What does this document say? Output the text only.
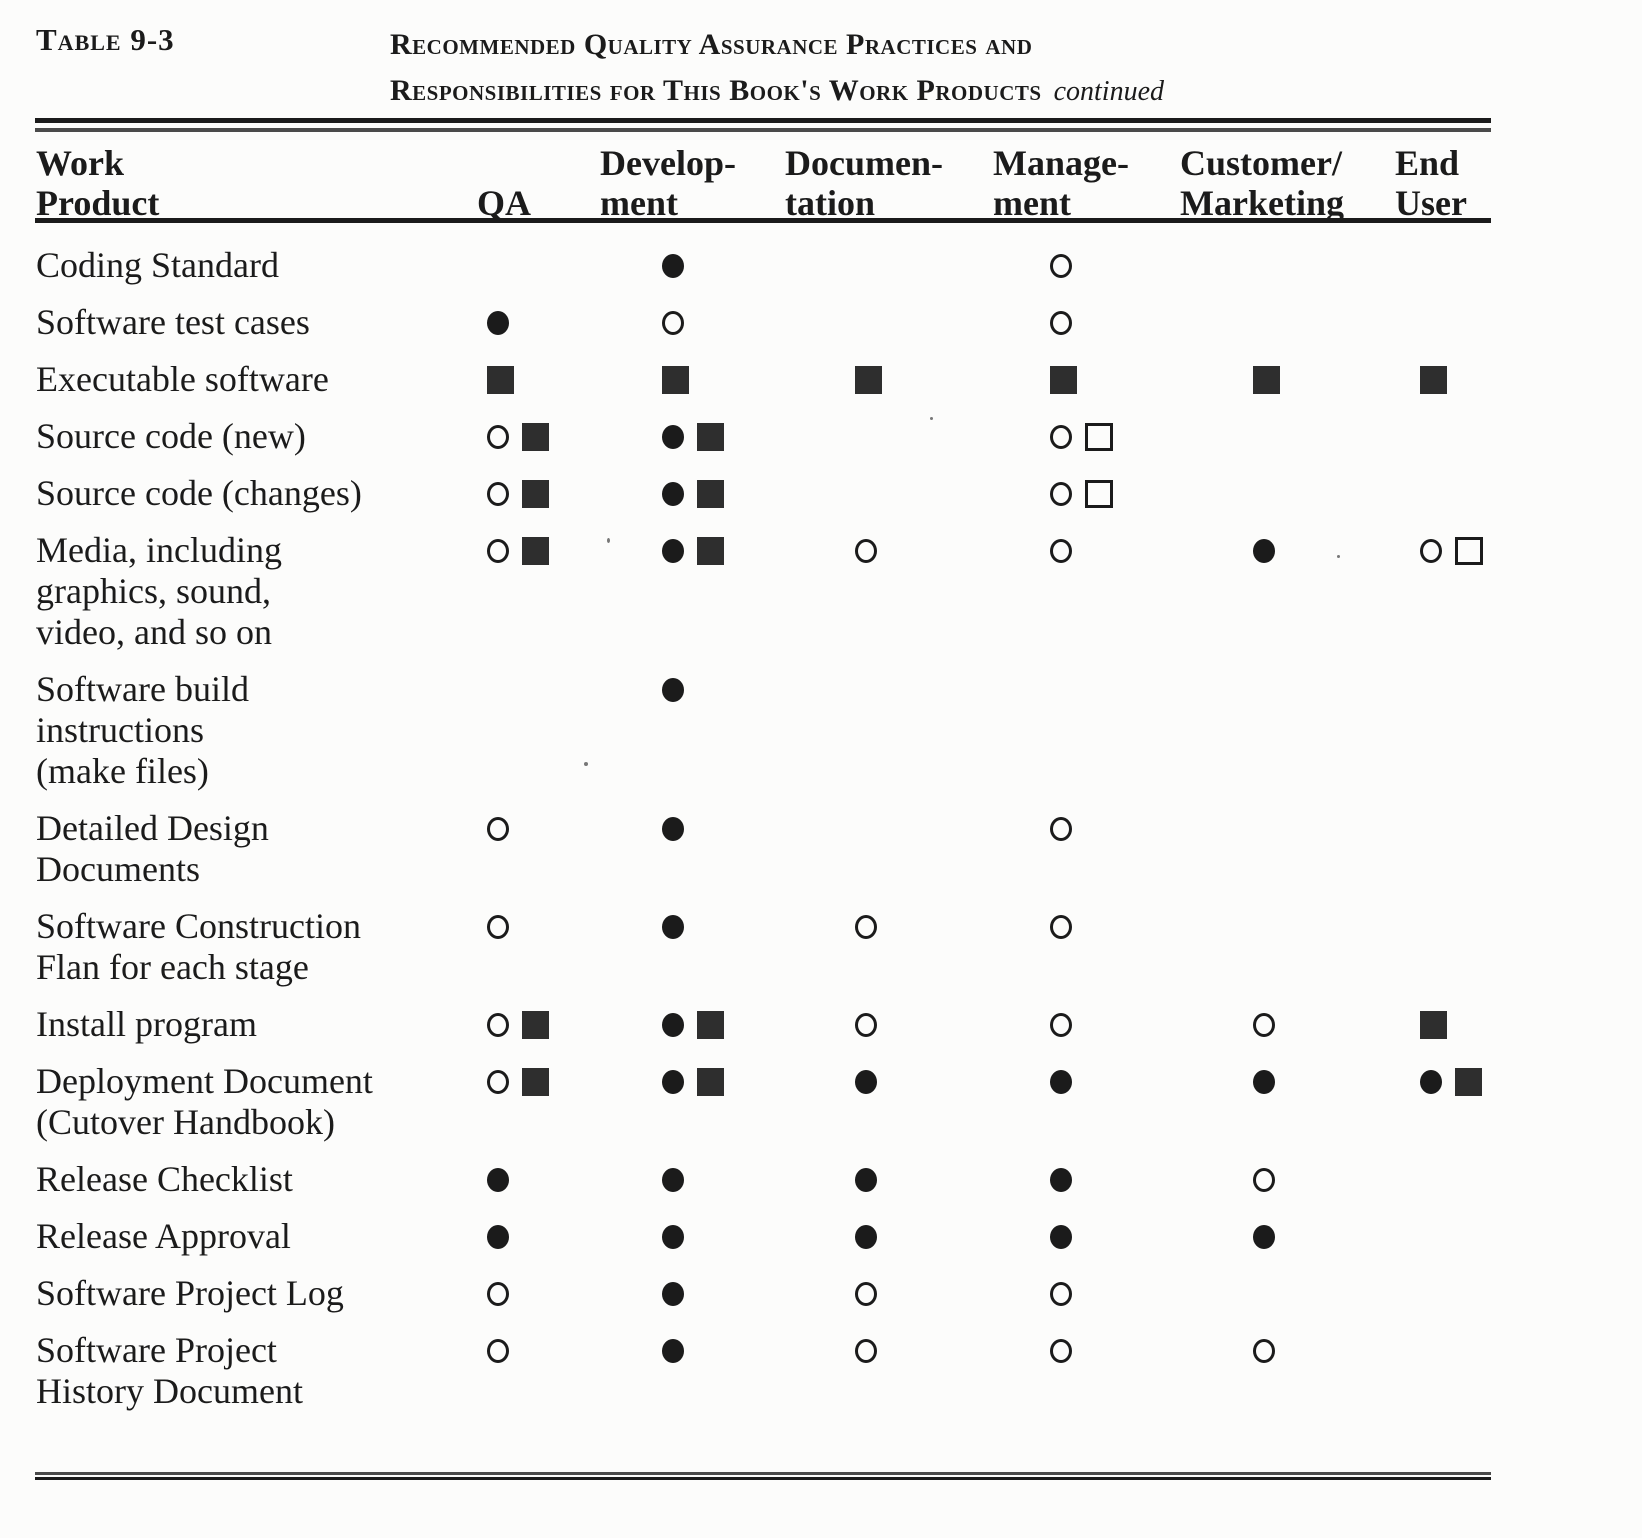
Table 9-3	Recommended Quality Assurance Practices and
Responsibilities for This Book's Work Products continued
Work
Product	QA
Develop-
ment
Documen-
tation
Manage-
ment
Customer/
Marketing
End
User
Coding Standard
Software test cases
Executable software
Source code (new)
Source code (changes)
Media, including
graphics, sound,
video, and so on
Software build
instructions
(make files)
Detailed Design
Documents
Software Construction
Flan for each stage
Install program
Deployment Document
(Cutover Handbook)
Release Checklist
Release Approval
Software Project Log
Software Project
History Document
